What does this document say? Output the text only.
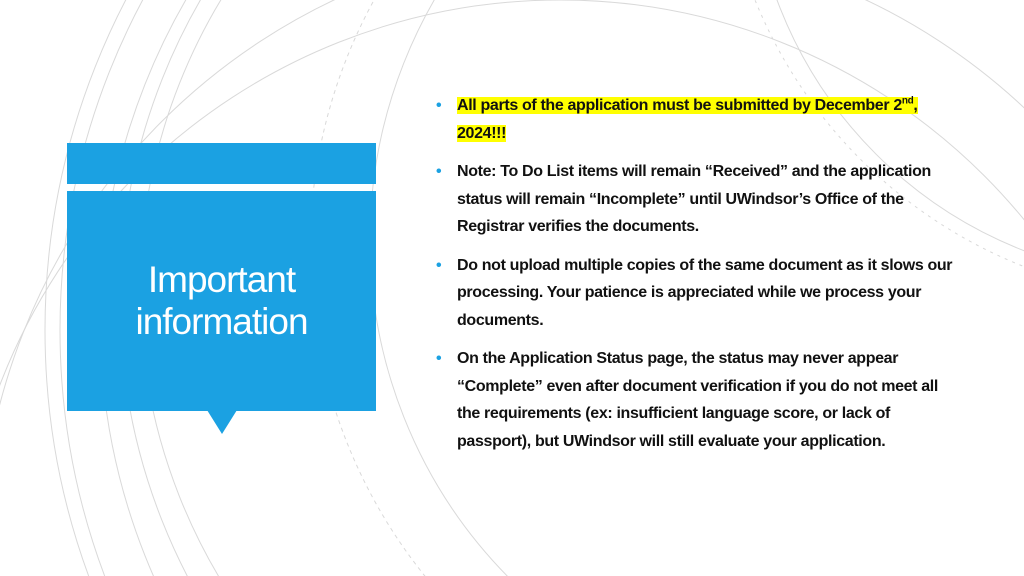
Important information
• All parts of the application must be submitted by December 2nd, 2024!!!
• Note: To Do List items will remain “Received” and the application status will remain “Incomplete” until UWindsor’s Office of the Registrar verifies the documents.
• Do not upload multiple copies of the same document as it slows our processing. Your patience is appreciated while we process your documents.
• On the Application Status page, the status may never appear “Complete” even after document verification if you do not meet all the requirements (ex: insufficient language score, or lack of passport), but UWindsor will still evaluate your application.
